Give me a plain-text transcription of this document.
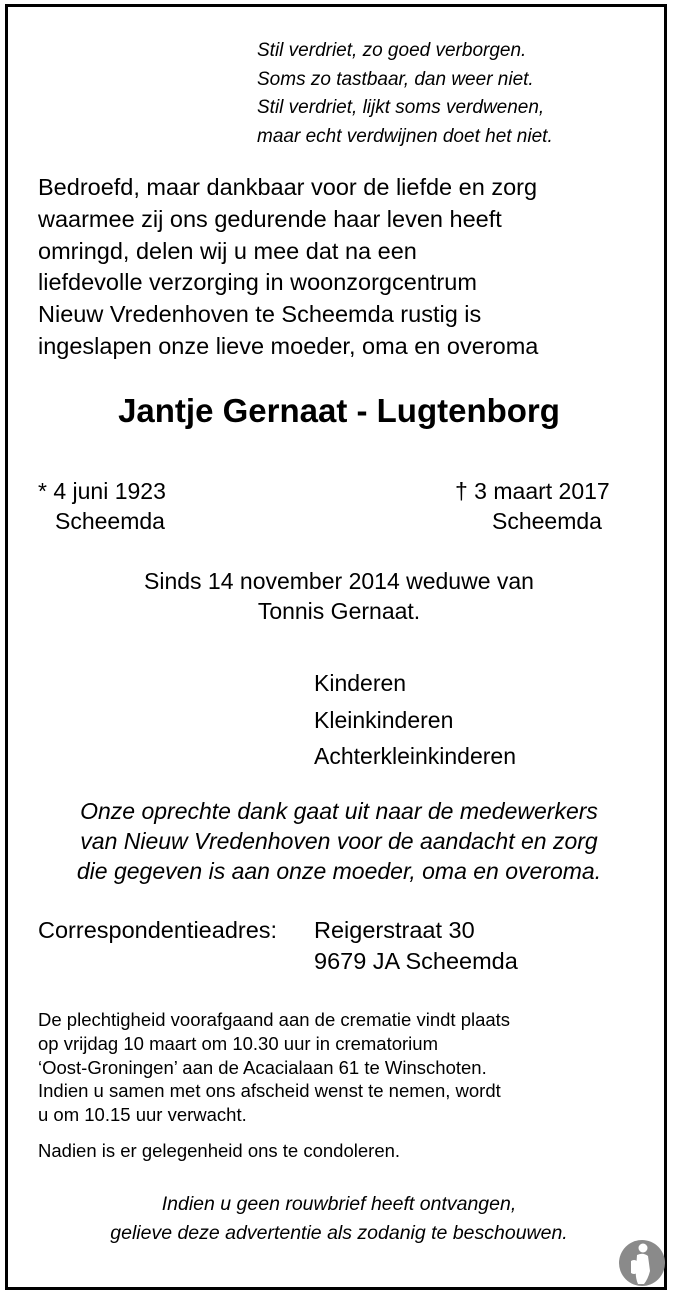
Stil verdriet, zo goed verborgen.
Soms zo tastbaar, dan weer niet.
Stil verdriet, lijkt soms verdwenen,
maar echt verdwijnen doet het niet.
Bedroefd, maar dankbaar voor de liefde en zorg
waarmee zij ons gedurende haar leven heeft
omringd, delen wij u mee dat na een
liefdevolle verzorging in woonzorgcentrum
Nieuw Vredenhoven te Scheemda rustig is
ingeslapen onze lieve moeder, oma en overoma
Jantje Gernaat - Lugtenborg
* 4 juni 1923
Scheemda
† 3 maart 2017
Scheemda
Sinds 14 november 2014 weduwe van
Tonnis Gernaat.
Kinderen
Kleinkinderen
Achterkleinkinderen
Onze oprechte dank gaat uit naar de medewerkers
van Nieuw Vredenhoven voor de aandacht en zorg
die gegeven is aan onze moeder, oma en overoma.
Correspondentieadres: Reigerstraat 30
9679 JA Scheemda
De plechtigheid voorafgaand aan de crematie vindt plaats
op vrijdag 10 maart om 10.30 uur in crematorium
‘Oost-Groningen’ aan de Acacialaan 61 te Winschoten.
Indien u samen met ons afscheid wenst te nemen, wordt
u om 10.15 uur verwacht.
Nadien is er gelegenheid ons te condoleren.
Indien u geen rouwbrief heeft ontvangen,
gelieve deze advertentie als zodanig te beschouwen.
